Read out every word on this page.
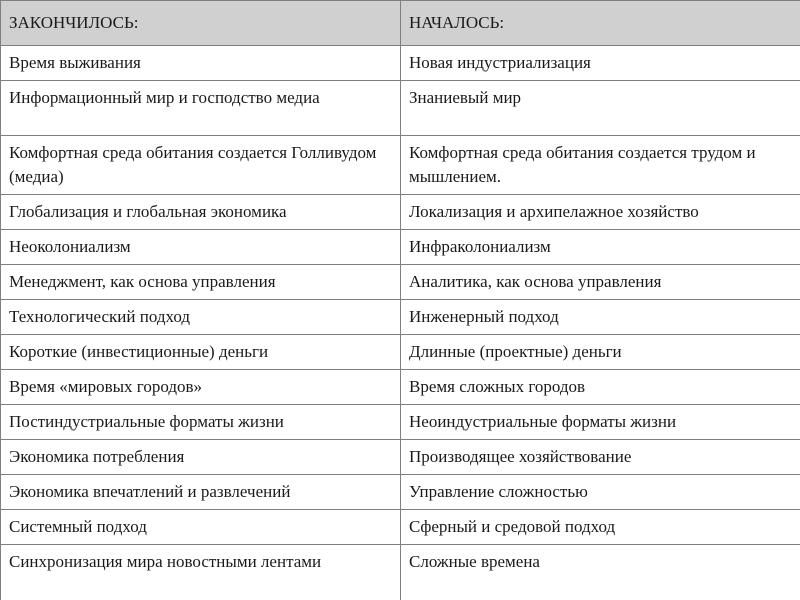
ЗАКОНЧИЛОСЬ:	НАЧАЛОСЬ:
Время выживания	Новая индустриализация
Информационный мир и господство медиа	Знаниевый мир
Комфортная среда обитания создается Голливудом (медиа)	Комфортная среда обитания создается трудом и мышлением.
Глобализация и глобальная экономика	Локализация и архипелажное хозяйство
Неоколониализм	Инфраколониализм
Менеджмент, как основа управления	Аналитика, как основа управления
Технологический подход	Инженерный подход
Короткие (инвестиционные) деньги	Длинные (проектные) деньги
Время «мировых городов»	Время сложных городов
Постиндустриальные форматы жизни	Неоиндустриальные форматы жизни
Экономика потребления	Производящее хозяйствование
Экономика впечатлений и развлечений	Управление сложностью
Системный подход	Сферный и средовой подход
Синхронизация мира новостными лентами	Сложные времена
